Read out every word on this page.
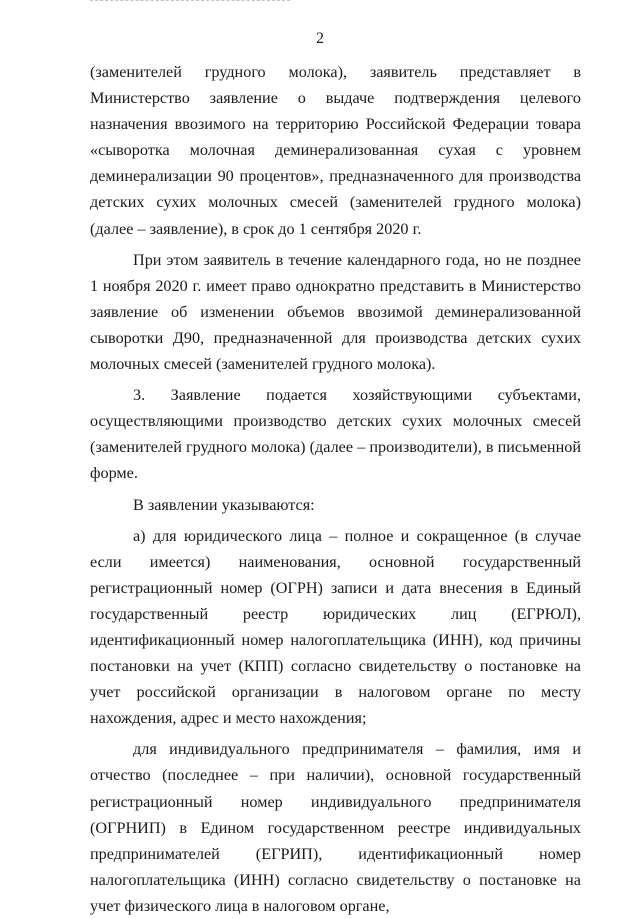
2

(заменителей грудного молока), заявитель представляет в Министерство заявление о выдаче подтверждения целевого назначения ввозимого на территорию Российской Федерации товара «сыворотка молочная деминерализованная сухая с уровнем деминерализации 90 процентов», предназначенного для производства детских сухих молочных смесей (заменителей грудного молока) (далее – заявление), в срок до 1 сентября 2020 г.

При этом заявитель в течение календарного года, но не позднее 1 ноября 2020 г. имеет право однократно представить в Министерство заявление об изменении объемов ввозимой деминерализованной сыворотки Д90, предназначенной для производства детских сухих молочных смесей (заменителей грудного молока).

3. Заявление подается хозяйствующими субъектами, осуществляющими производство детских сухих молочных смесей (заменителей грудного молока) (далее – производители), в письменной форме.

В заявлении указываются:

а) для юридического лица – полное и сокращенное (в случае если имеется) наименования, основной государственный регистрационный номер (ОГРН) записи и дата внесения в Единый государственный реестр юридических лиц (ЕГРЮЛ), идентификационный номер налогоплательщика (ИНН), код причины постановки на учет (КПП) согласно свидетельству о постановке на учет российской организации в налоговом органе по месту нахождения, адрес и место нахождения;

для индивидуального предпринимателя – фамилия, имя и отчество (последнее – при наличии), основной государственный регистрационный номер индивидуального предпринимателя (ОГРНИП) в Едином государственном реестре индивидуальных предпринимателей (ЕГРИП), идентификационный номер налогоплательщика (ИНН) согласно свидетельству о постановке на учет физического лица в налоговом органе,
